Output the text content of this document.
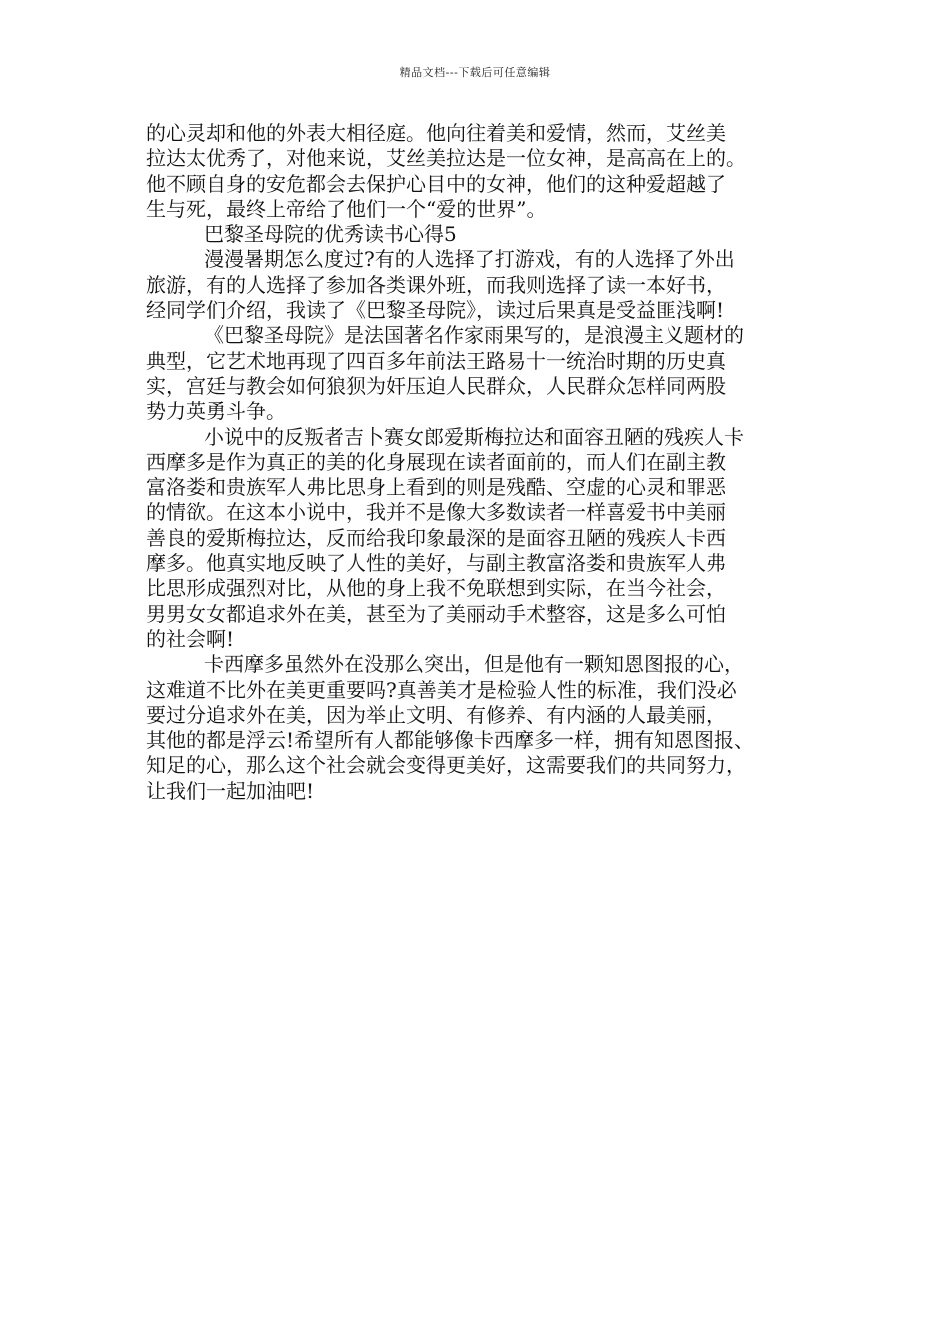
精品文档---下载后可任意编辑
的心灵却和他的外表大相径庭。他向往着美和爱情，然而，艾丝美
拉达太优秀了，对他来说，艾丝美拉达是一位女神，是高高在上的。
他不顾自身的安危都会去保护心目中的女神，他们的这种爱超越了
生与死，最终上帝给了他们一个“爱的世界”。
巴黎圣母院的优秀读书心得5
漫漫暑期怎么度过?有的人选择了打游戏，有的人选择了外出
旅游，有的人选择了参加各类课外班，而我则选择了读一本好书，
经同学们介绍，我读了《巴黎圣母院》，读过后果真是受益匪浅啊!
《巴黎圣母院》是法国著名作家雨果写的，是浪漫主义题材的
典型，它艺术地再现了四百多年前法王路易十一统治时期的历史真
实，宫廷与教会如何狼狈为奸压迫人民群众，人民群众怎样同两股
势力英勇斗争。
小说中的反叛者吉卜赛女郎爱斯梅拉达和面容丑陋的残疾人卡
西摩多是作为真正的美的化身展现在读者面前的，而人们在副主教
富洛娄和贵族军人弗比思身上看到的则是残酷、空虚的心灵和罪恶
的情欲。在这本小说中，我并不是像大多数读者一样喜爱书中美丽
善良的爱斯梅拉达，反而给我印象最深的是面容丑陋的残疾人卡西
摩多。他真实地反映了人性的美好，与副主教富洛娄和贵族军人弗
比思形成强烈对比，从他的身上我不免联想到实际，在当今社会，
男男女女都追求外在美，甚至为了美丽动手术整容，这是多么可怕
的社会啊!
卡西摩多虽然外在没那么突出，但是他有一颗知恩图报的心，
这难道不比外在美更重要吗?真善美才是检验人性的标准，我们没必
要过分追求外在美，因为举止文明、有修养、有内涵的人最美丽，
其他的都是浮云!希望所有人都能够像卡西摩多一样，拥有知恩图报、
知足的心，那么这个社会就会变得更美好，这需要我们的共同努力，
让我们一起加油吧!
